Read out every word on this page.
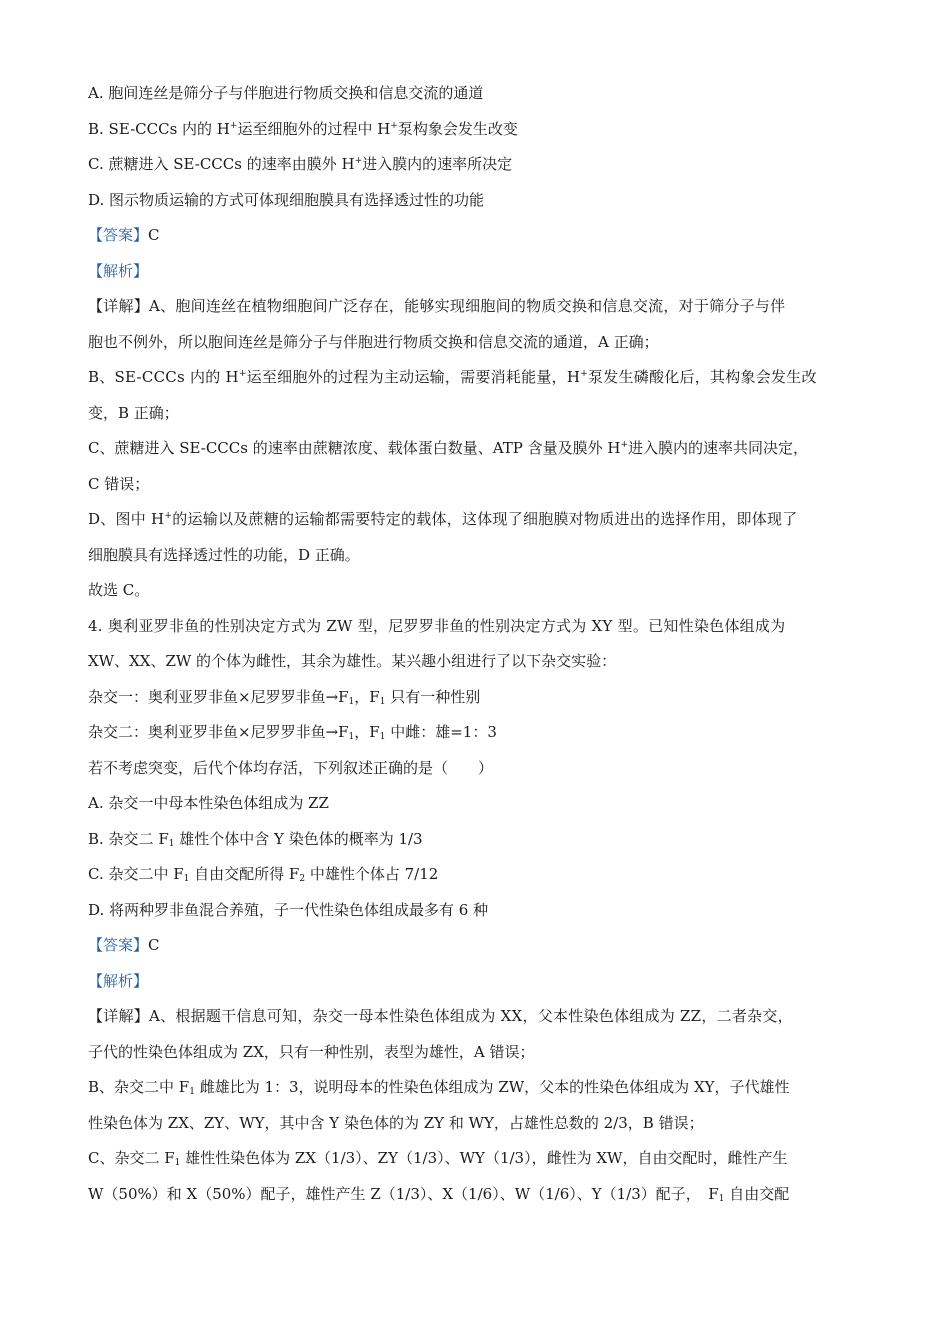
A. 胞间连丝是筛分子与伴胞进行物质交换和信息交流的通道
B. SE-CCCs 内的 H+运至细胞外的过程中 H+泵构象会发生改变
C. 蔗糖进入 SE-CCCs 的速率由膜外 H+进入膜内的速率所决定
D. 图示物质运输的方式可体现细胞膜具有选择透过性的功能
【答案】C
【解析】
【详解】A、胞间连丝在植物细胞间广泛存在，能够实现细胞间的物质交换和信息交流，对于筛分子与伴
胞也不例外，所以胞间连丝是筛分子与伴胞进行物质交换和信息交流的通道，A 正确；
B、SE-CCCs 内的 H+运至细胞外的过程为主动运输，需要消耗能量，H+泵发生磷酸化后，其构象会发生改
变，B 正确；
C、蔗糖进入 SE-CCCs 的速率由蔗糖浓度、载体蛋白数量、ATP 含量及膜外 H+进入膜内的速率共同决定，
C 错误；
D、图中 H+的运输以及蔗糖的运输都需要特定的载体，这体现了细胞膜对物质进出的选择作用，即体现了
细胞膜具有选择透过性的功能，D 正确。
故选 C。
4. 奥利亚罗非鱼的性别决定方式为 ZW 型，尼罗罗非鱼的性别决定方式为 XY 型。已知性染色体组成为
XW、XX、ZW 的个体为雌性，其余为雄性。某兴趣小组进行了以下杂交实验：
杂交一：奥利亚罗非鱼×尼罗罗非鱼$\to F_1$，$F_1$ 只有一种性别
杂交二：奥利亚罗非鱼×尼罗罗非鱼$\to F_1$，$F_1$ 中雌：雄=1：3
若不考虑突变，后代个体均存活，下列叙述正确的是（　　）
A. 杂交一中母本性染色体组成为 ZZ
B. 杂交二 $F_1$ 雄性个体中含 Y 染色体的概率为 1/3
C. 杂交二中 $F_1$ 自由交配所得 $F_2$ 中雄性个体占 7/12
D. 将两种罗非鱼混合养殖，子一代性染色体组成最多有 6 种
【答案】C
【解析】
【详解】A、根据题干信息可知，杂交一母本性染色体组成为 XX，父本性染色体组成为 ZZ，二者杂交，
子代的性染色体组成为 ZX，只有一种性别，表型为雄性，A 错误；
B、杂交二中 $F_1$ 雌雄比为 1：3，说明母本的性染色体组成为 ZW，父本的性染色体组成为 XY，子代雄性
性染色体为 ZX、ZY、WY，其中含 Y 染色体的为 ZY 和 WY，占雄性总数的 2/3，B 错误；
C、杂交二 $F_1$ 雄性性染色体为 ZX（1/3）、ZY（1/3）、WY（1/3），雌性为 XW，自由交配时，雌性产生
W（50%）和 X（50%）配子，雄性产生 Z（1/3）、X（1/6）、W（1/6）、Y（1/3）配子，　$F_1$ 自由交配
